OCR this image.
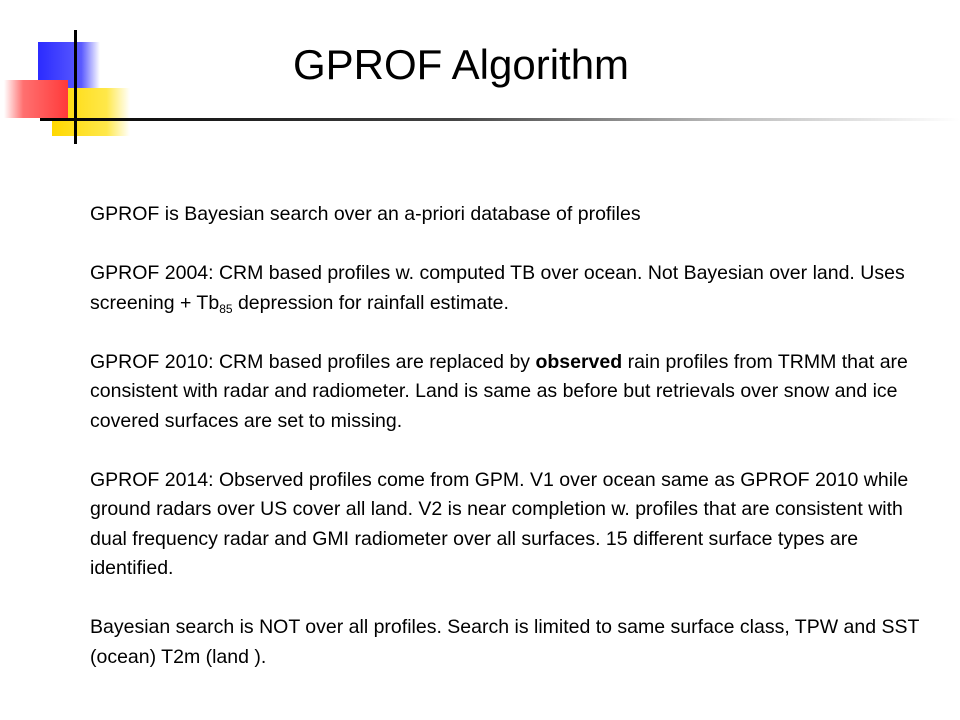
GPROF Algorithm

GPROF is Bayesian search over an a-priori database of profiles

GPROF 2004: CRM based profiles w. computed TB over ocean. Not Bayesian over land. Uses screening + $Tb_{85}$ depression for rainfall estimate.

GPROF 2010: CRM based profiles are replaced by observed rain profiles from TRMM that are consistent with radar and radiometer. Land is same as before but retrievals over snow and ice covered surfaces are set to missing.

GPROF 2014: Observed profiles come from GPM. V1 over ocean same as GPROF 2010 while ground radars over US cover all land. V2 is near completion w. profiles that are consistent with dual frequency radar and GMI radiometer over all surfaces. 15 different surface types are identified.

Bayesian search is NOT over all profiles. Search is limited to same surface class, TPW and SST (ocean) T2m (land ).
